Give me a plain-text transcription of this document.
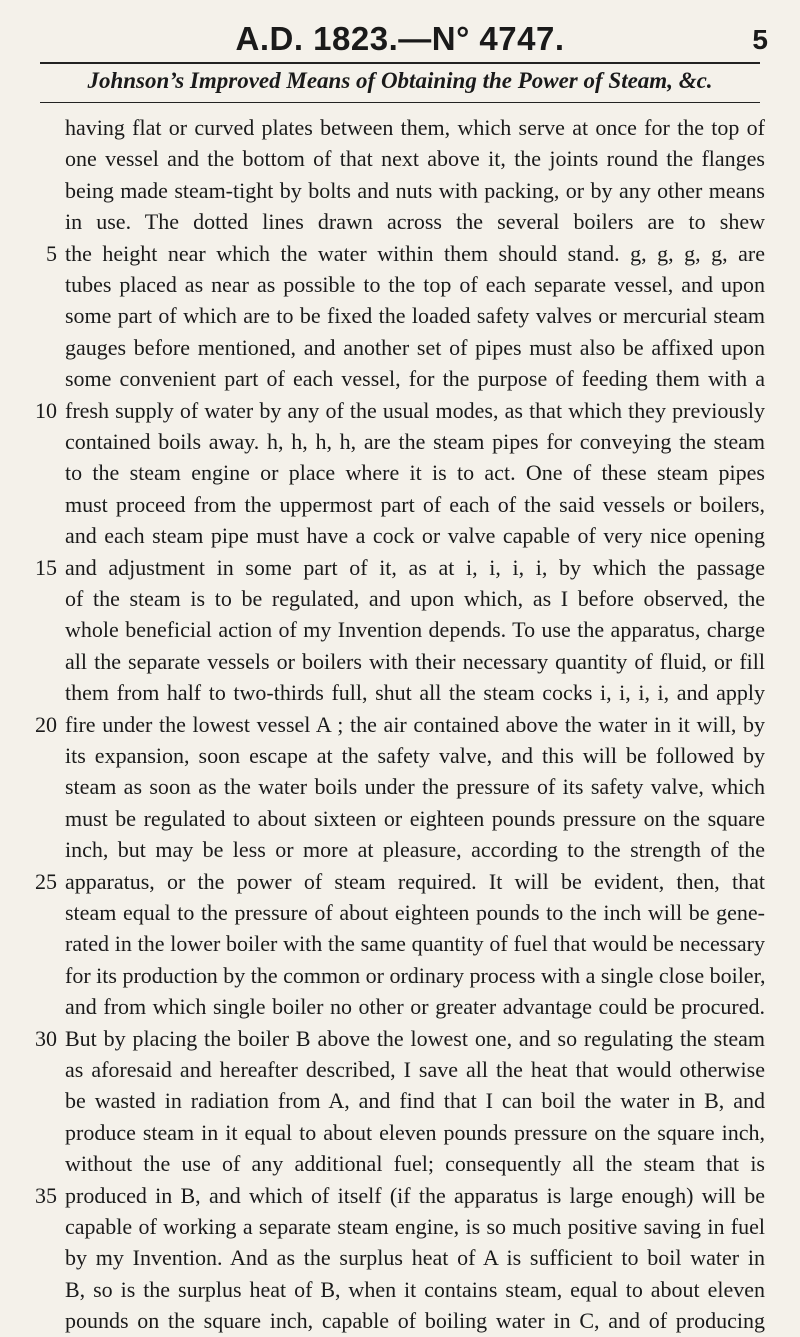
A.D. 1823.—N° 4747.	5
Johnson’s Improved Means of Obtaining the Power of Steam, &c.
having flat or curved plates between them, which serve at once for the top of
one vessel and the bottom of that next above it, the joints round the flanges
being made steam-tight by bolts and nuts with packing, or by any other means
in use. The dotted lines drawn across the several boilers are to shew
the height near which the water within them should stand. g, g, g, g, are
tubes placed as near as possible to the top of each separate vessel, and upon
some part of which are to be fixed the loaded safety valves or mercurial steam
gauges before mentioned, and another set of pipes must also be affixed upon
some convenient part of each vessel, for the purpose of feeding them with a
fresh supply of water by any of the usual modes, as that which they previously
contained boils away. h, h, h, h, are the steam pipes for conveying the steam
to the steam engine or place where it is to act. One of these steam pipes
must proceed from the uppermost part of each of the said vessels or boilers,
and each steam pipe must have a cock or valve capable of very nice opening
and adjustment in some part of it, as at i, i, i, i, by which the passage
of the steam is to be regulated, and upon which, as I before observed, the
whole beneficial action of my Invention depends. To use the apparatus, charge
all the separate vessels or boilers with their necessary quantity of fluid, or fill
them from half to two-thirds full, shut all the steam cocks i, i, i, i, and apply
fire under the lowest vessel A ; the air contained above the water in it will, by
its expansion, soon escape at the safety valve, and this will be followed by
steam as soon as the water boils under the pressure of its safety valve, which
must be regulated to about sixteen or eighteen pounds pressure on the square
inch, but may be less or more at pleasure, according to the strength of the
apparatus, or the power of steam required. It will be evident, then, that
steam equal to the pressure of about eighteen pounds to the inch will be gene-
rated in the lower boiler with the same quantity of fuel that would be necessary
for its production by the common or ordinary process with a single close boiler,
and from which single boiler no other or greater advantage could be procured.
But by placing the boiler B above the lowest one, and so regulating the steam
as aforesaid and hereafter described, I save all the heat that would otherwise
be wasted in radiation from A, and find that I can boil the water in B, and
produce steam in it equal to about eleven pounds pressure on the square inch,
without the use of any additional fuel; consequently all the steam that is
produced in B, and which of itself (if the apparatus is large enough) will be
capable of working a separate steam engine, is so much positive saving in fuel
by my Invention. And as the surplus heat of A is sufficient to boil water in
B, so is the surplus heat of B, when it contains steam, equal to about eleven
pounds on the square inch, capable of boiling water in C, and of producing
5
10
15
20
25
30
35
